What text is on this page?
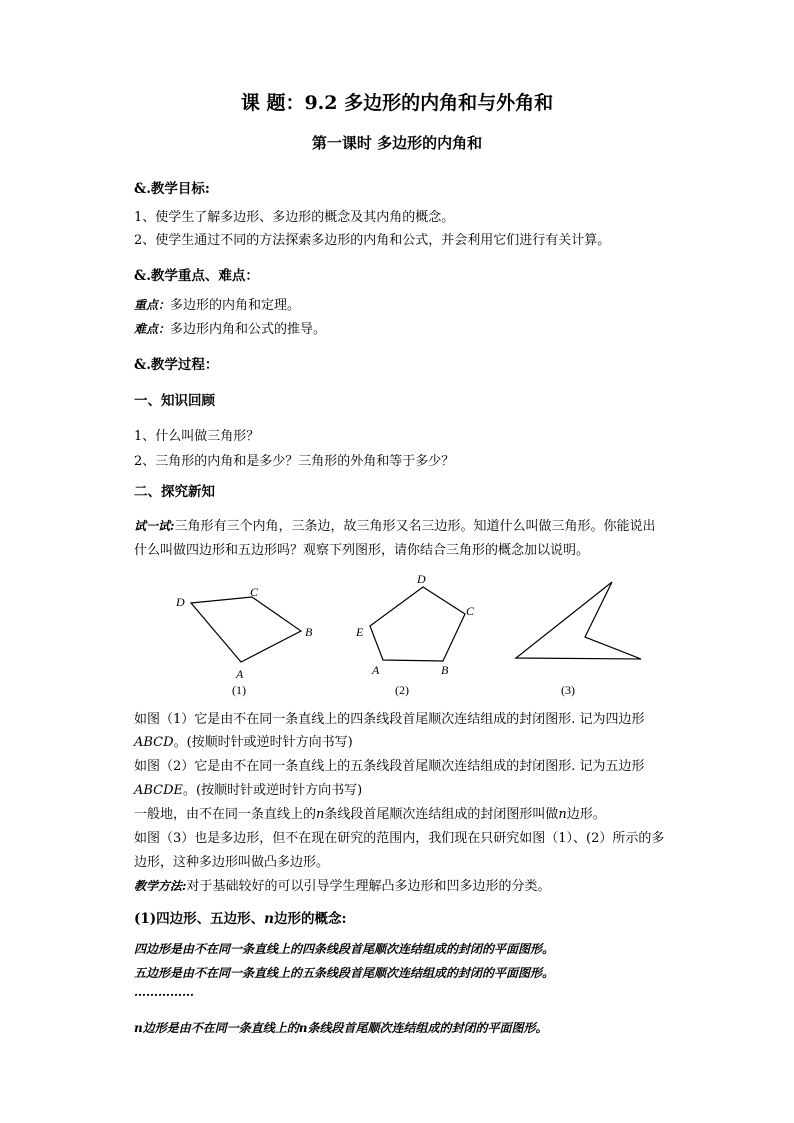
课 题：9.2 多边形的内角和与外角和
第一课时 多边形的内角和
&.教学目标:
1、使学生了解多边形、多边形的概念及其内角的概念。
2、使学生通过不同的方法探索多边形的内角和公式，并会利用它们进行有关计算。
&.教学重点、难点：
重点：多边形的内角和定理。
难点：多边形内角和公式的推导。
&.教学过程：
一、知识回顾
1、什么叫做三角形？
2、三角形的内角和是多少？三角形的外角和等于多少？
二、探究新知
试一试:三角形有三个内角，三条边，故三角形又名三边形。知道什么叫做三角形。你能说出
什么叫做四边形和五边形吗？观察下列图形，请你结合三角形的概念加以说明。
D
C
B
A
D
C
E
A	B
(1)	(2)	(3)
如图（1）它是由不在同一条直线上的四条线段首尾顺次连结组成的封闭图形. 记为四边形
ABCD。(按顺时针或逆时针方向书写)
如图（2）它是由不在同一条直线上的五条线段首尾顺次连结组成的封闭图形. 记为五边形
ABCDE。(按顺时针或逆时针方向书写)
一般地，由不在同一条直线上的n条线段首尾顺次连结组成的封闭图形叫做n边形。
如图（3）也是多边形，但不在现在研究的范围内，我们现在只研究如图（1）、(2）所示的多
边形，这种多边形叫做凸多边形。
教学方法:对于基础较好的可以引导学生理解凸多边形和凹多边形的分类。
(1)四边形、五边形、n边形的概念:
四边形是由不在同一条直线上的四条线段首尾顺次连结组成的封闭的平面图形。
五边形是由不在同一条直线上的五条线段首尾顺次连结组成的封闭的平面图形。
……………
n边形是由不在同一条直线上的n条线段首尾顺次连结组成的封闭的平面图形。
